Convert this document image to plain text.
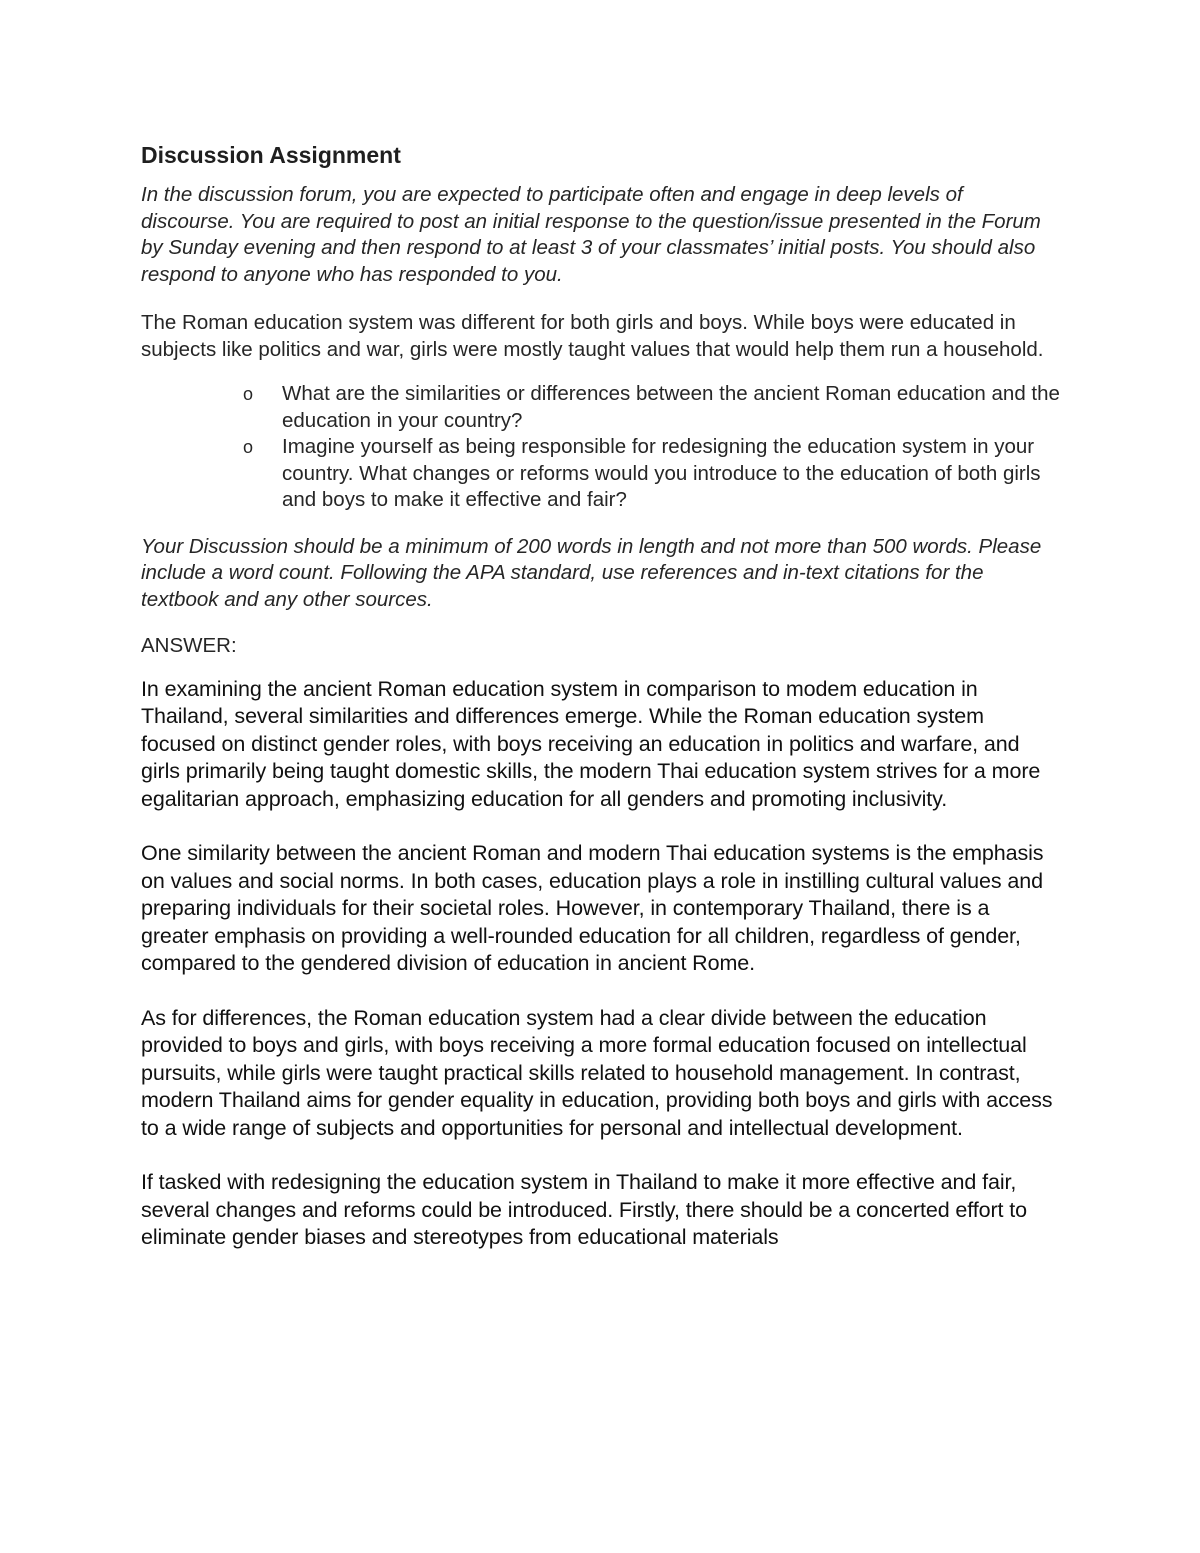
Discussion Assignment

In the discussion forum, you are expected to participate often and engage in deep levels of discourse. You are required to post an initial response to the question/issue presented in the Forum by Sunday evening and then respond to at least 3 of your classmates’ initial posts. You should also respond to anyone who has responded to you.

The Roman education system was different for both girls and boys. While boys were educated in subjects like politics and war, girls were mostly taught values that would help them run a household.

o What are the similarities or differences between the ancient Roman education and the education in your country?
o Imagine yourself as being responsible for redesigning the education system in your country. What changes or reforms would you introduce to the education of both girls and boys to make it effective and fair?

Your Discussion should be a minimum of 200 words in length and not more than 500 words. Please include a word count. Following the APA standard, use references and in-text citations for the textbook and any other sources.

ANSWER:

In examining the ancient Roman education system in comparison to modem education in Thailand, several similarities and differences emerge. While the Roman education system focused on distinct gender roles, with boys receiving an education in politics and warfare, and girls primarily being taught domestic skills, the modern Thai education system strives for a more egalitarian approach, emphasizing education for all genders and promoting inclusivity.

One similarity between the ancient Roman and modern Thai education systems is the emphasis on values and social norms. In both cases, education plays a role in instilling cultural values and preparing individuals for their societal roles. However, in contemporary Thailand, there is a greater emphasis on providing a well-rounded education for all children, regardless of gender, compared to the gendered division of education in ancient Rome.

As for differences, the Roman education system had a clear divide between the education provided to boys and girls, with boys receiving a more formal education focused on intellectual pursuits, while girls were taught practical skills related to household management. In contrast, modern Thailand aims for gender equality in education, providing both boys and girls with access to a wide range of subjects and opportunities for personal and intellectual development.

If tasked with redesigning the education system in Thailand to make it more effective and fair, several changes and reforms could be introduced. Firstly, there should be a concerted effort to eliminate gender biases and stereotypes from educational materials
